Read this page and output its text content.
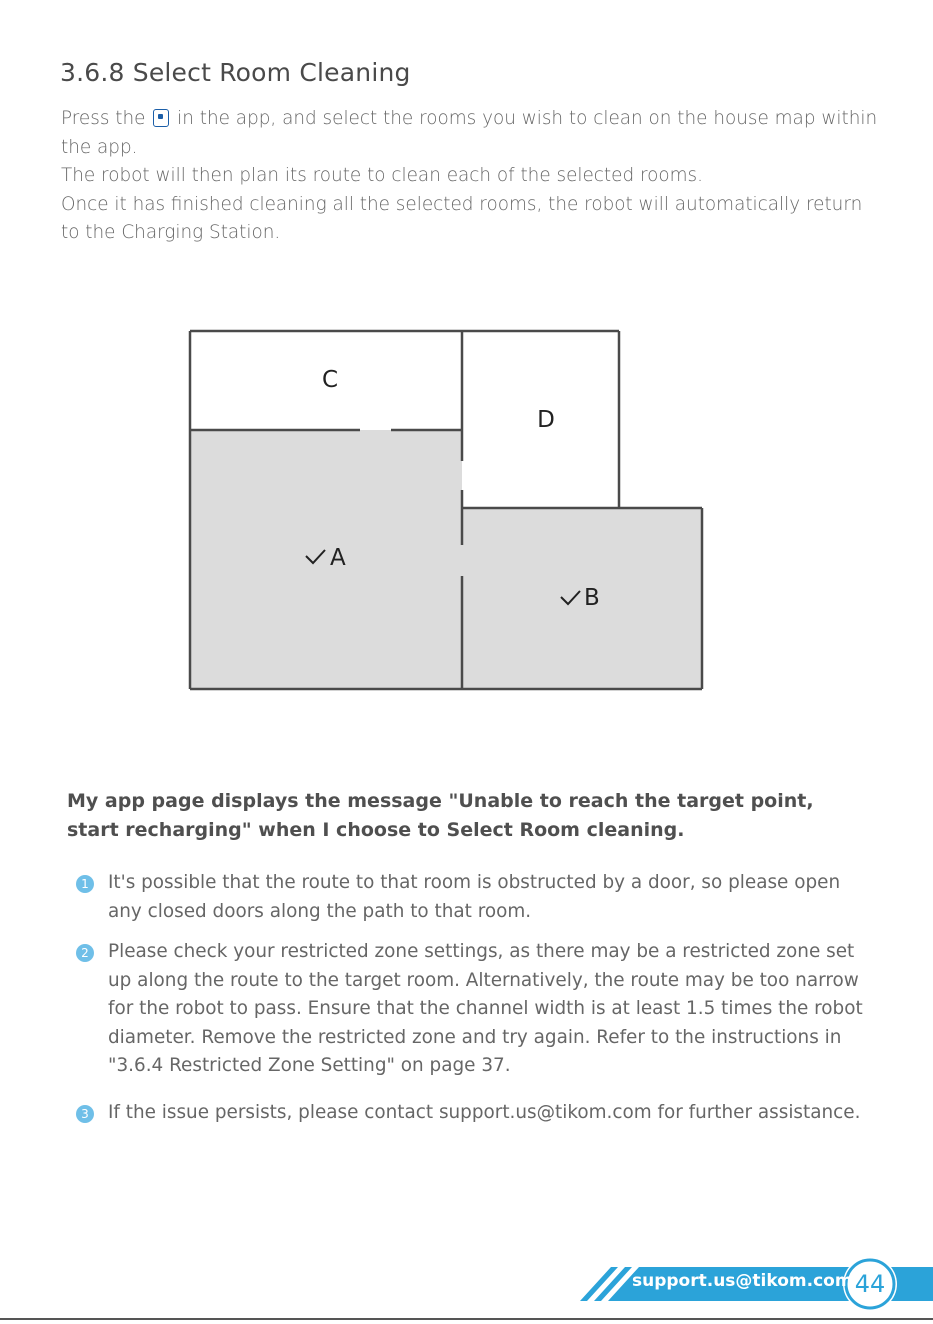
3.6.8 Select Room Cleaning

Press the in the app, and select the rooms you wish to clean on the house map within the app.

The robot will then plan its route to clean each of the selected rooms.

Once it has finished cleaning all the selected rooms, the robot will automatically return to the Charging Station.

C
D
A
B

My app page displays the message "Unable to reach the target point, start recharging" when I choose to Select Room cleaning.

1 It's possible that the route to that room is obstructed by a door, so please open any closed doors along the path to that room.
2 Please check your restricted zone settings, as there may be a restricted zone set up along the route to the target room. Alternatively, the route may be too narrow for the robot to pass. Ensure that the channel width is at least 1.5 times the robot diameter. Remove the restricted zone and try again. Refer to the instructions in "3.6.4 Restricted Zone Setting" on page 37.
3 If the issue persists, please contact support.us@tikom.com for further assistance.
support.us@tikom.com 44
